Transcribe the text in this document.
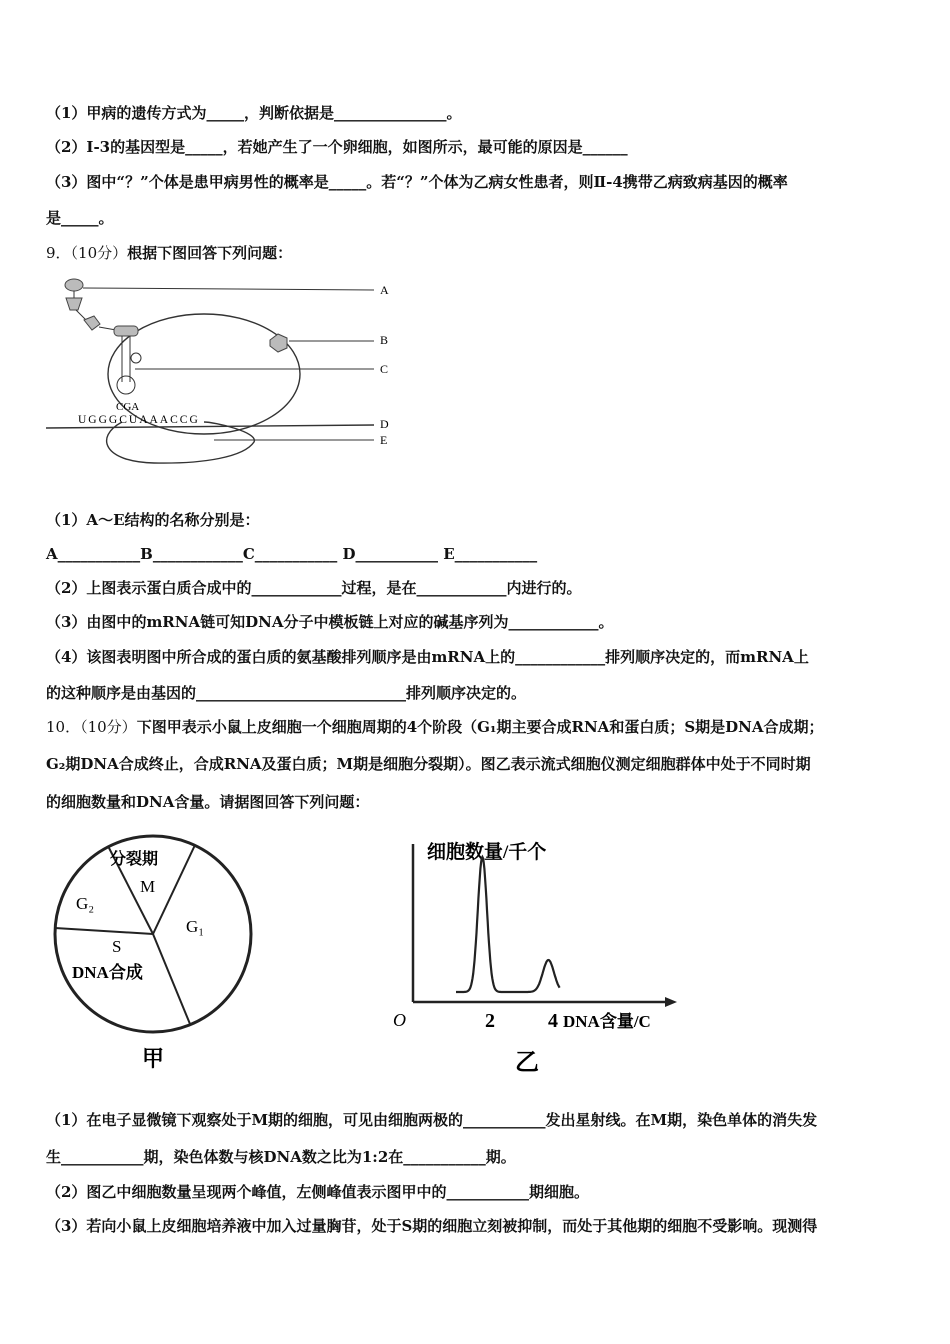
（1）甲病的遗传方式为_____，判断依据是_______________。
（2）Ⅰ-3的基因型是_____，若她产生了一个卵细胞，如图所示，最可能的原因是______
（3）图中“？”个体是患甲病男性的概率是_____。若“？”个体为乙病女性患者，则Ⅱ-4携带乙病致病基因的概率
是_____。
9．（10分）根据下图回答下列问题：
CGA
UGGGCUAAACCG
A
B
C
D
E
（1）A～E结构的名称分别是：
A___________B____________C___________ D___________ E___________
（2）上图表示蛋白质合成中的____________过程，是在____________内进行的。
（3）由图中的mRNA链可知DNA分子中模板链上对应的碱基序列为____________。
（4）该图表明图中所合成的蛋白质的氨基酸排列顺序是由mRNA上的____________排列顺序决定的，而mRNA上
的这种顺序是由基因的____________________________排列顺序决定的。
10．（10分）下图甲表示小鼠上皮细胞一个细胞周期的4个阶段（G₁期主要合成RNA和蛋白质；S期是DNA合成期；
G₂期DNA合成终止，合成RNA及蛋白质；M期是细胞分裂期）。图乙表示流式细胞仪测定细胞群体中处于不同时期
的细胞数量和DNA含量。请据图回答下列问题：
分裂期
M
G₂
S
DNA合成
G₁
甲
细胞数量/千个
O	2	4 DNA含量/C
乙
（1）在电子显微镜下观察处于M期的细胞，可见由细胞两极的___________发出星射线。在M期，染色单体的消失发
生___________期，染色体数与核DNA数之比为1:2在___________期。
（2）图乙中细胞数量呈现两个峰值，左侧峰值表示图甲中的___________期细胞。
（3）若向小鼠上皮细胞培养液中加入过量胸苷，处于S期的细胞立刻被抑制，而处于其他期的细胞不受影响。现测得
